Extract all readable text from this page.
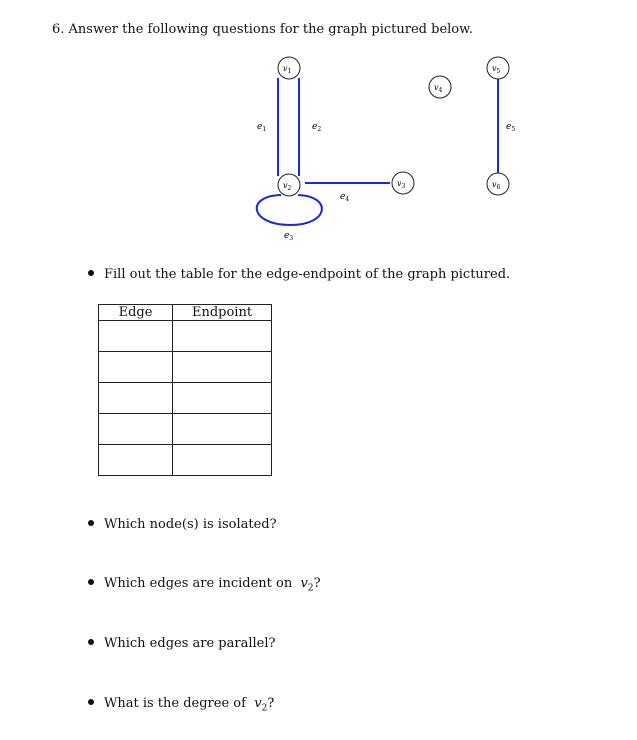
6. Answer the following questions for the graph pictured below.
$v_1$
$v_2$
$v_3$
$v_4$
$v_5$
$v_6$
$e_1$	$e_2$
$e_3$
$e_4$
$e_5$
Fill out the table for the edge-endpoint of the graph pictured.
Edge	Endpoint

Which node(s) is isolated?
Which edges are incident on  $v_2$?
Which edges are parallel?
What is the degree of  $v_2$?
